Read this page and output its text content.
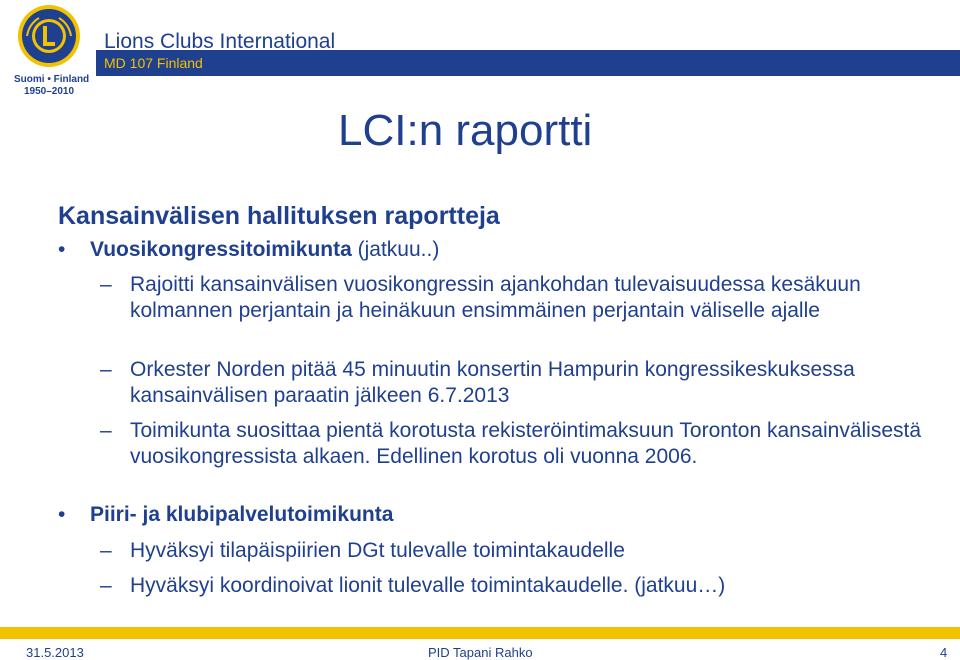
Suomi • Finland
1950–2010
Lions Clubs International
MD 107 Finland
LCI:n raportti
Kansainvälisen hallituksen raportteja
• Vuosikongressitoimikunta (jatkuu..)
– Rajoitti kansainvälisen vuosikongressin ajankohdan tulevaisuudessa kesäkuun kolmannen perjantain ja heinäkuun ensimmäinen perjantain väliselle ajalle
– Orkester Norden pitää 45 minuutin konsertin Hampurin kongressikeskuksessa kansainvälisen paraatin jälkeen 6.7.2013
– Toimikunta suosittaa pientä korotusta rekisteröintimaksuun Toronton kansainvälisestä vuosikongressista alkaen. Edellinen korotus oli vuonna 2006.
• Piiri- ja klubipalvelutoimikunta
– Hyväksyi tilapäispiirien DGt tulevalle toimintakaudelle
– Hyväksyi koordinoivat lionit tulevalle toimintakaudelle. (jatkuu…)
31.5.2013	PID Tapani Rahko	4
